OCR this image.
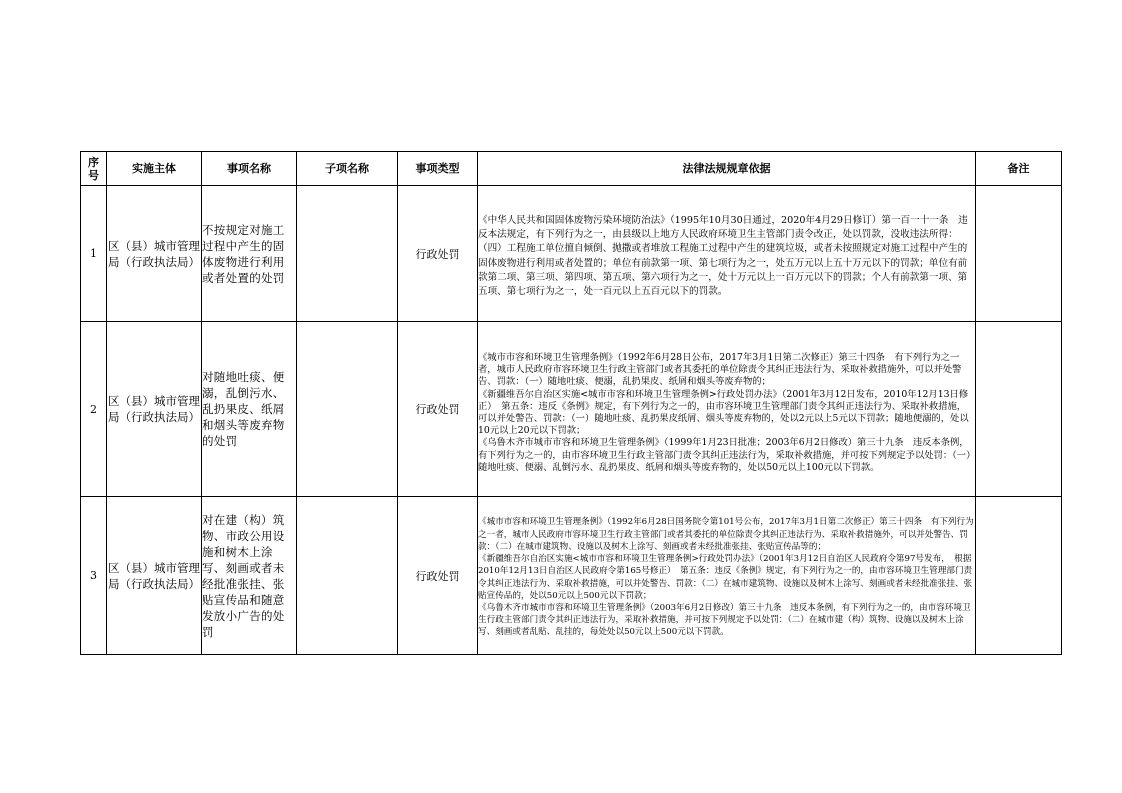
序号	实施主体	事项名称	子项名称	事项类型	法律法规规章依据	备注
1	区（县）城市管理局（行政执法局）	不按规定对施工过程中产生的固体废物进行利用或者处置的处罚		行政处罚	《中华人民共和国固体废物污染环境防治法》（1995年10月30日通过，2020年4月29日修订）第一百一十一条　违反本法规定，有下列行为之一，由县级以上地方人民政府环境卫生主管部门责令改正，处以罚款，没收违法所得：（四）工程施工单位擅自倾倒、抛撒或者堆放工程施工过程中产生的建筑垃圾，或者未按照规定对施工过程中产生的固体废物进行利用或者处置的；单位有前款第一项、第七项行为之一，处五万元以上五十万元以下的罚款；单位有前款第二项、第三项、第四项、第五项、第六项行为之一，处十万元以上一百万元以下的罚款；个人有前款第一项、第五项、第七项行为之一，处一百元以上五百元以下的罚款。	

2	区（县）城市管理局（行政执法局）	对随地吐痰、便溺，乱倒污水、乱扔果皮、纸屑和烟头等废弃物的处罚		行政处罚	《城市市容和环境卫生管理条例》（1992年6月28日公布，2017年3月1日第二次修正）第三十四条　有下列行为之一者，城市人民政府市容环境卫生行政主管部门或者其委托的单位除责令其纠正违法行为、采取补救措施外，可以并处警告、罚款：（一）随地吐痰、便溺，乱扔果皮、纸屑和烟头等废弃物的；

《新疆维吾尔自治区实施<城市市容和环境卫生管理条例>行政处罚办法》（2001年3月12日发布，2010年12月13日修正）　第五条：违反《条例》规定，有下列行为之一的，由市容环境卫生管理部门责令其纠正违法行为、采取补救措施，可以并处警告、罚款：（一）随地吐痰、乱扔果皮纸屑、烟头等废弃物的，处以2元以上5元以下罚款；随地便溺的，处以10元以上20元以下罚款；

《乌鲁木齐市城市市容和环境卫生管理条例》（1999年1月23日批准；2003年6月2日修改）第三十九条　违反本条例，有下列行为之一的，由市容环境卫生行政主管部门责令其纠正违法行为，采取补救措施，并可按下列规定予以处罚：（一）随地吐痰、便溺、乱倒污水、乱扔果皮、纸屑和烟头等废弃物的，处以50元以上100元以下罚款。	

3	区（县）城市管理局（行政执法局）	对在建（构）筑物、市政公用设施和树木上涂写、刻画或者未经批准张挂、张贴宣传品和随意发放小广告的处罚		行政处罚	《城市市容和环境卫生管理条例》（1992年6月28日国务院令第101号公布，2017年3月1日第二次修正）第三十四条　有下列行为之一者，城市人民政府市容环境卫生行政主管部门或者其委托的单位除责令其纠正违法行为、采取补救措施外，可以并处警告、罚款：（二）在城市建筑物、设施以及树木上涂写、刻画或者未经批准张挂、张贴宣传品等的；

《新疆维吾尔自治区实施<城市市容和环境卫生管理条例>行政处罚办法》（2001年3月12日自治区人民政府令第97号发布，　根据2010年12月13日自治区人民政府令第165号修正）　第五条：违反《条例》规定，有下列行为之一的，由市容环境卫生管理部门责令其纠正违法行为、采取补救措施，可以并处警告、罚款：（二）在城市建筑物、设施以及树木上涂写、刻画或者未经批准张挂、张贴宣传品的，处以50元以上500元以下罚款；

《乌鲁木齐市城市市容和环境卫生管理条例》（2003年6月2日修改）第三十九条　违反本条例，有下列行为之一的，由市容环境卫生行政主管部门责令其纠正违法行为，采取补救措施，并可按下列规定予以处罚：（二）在城市建（构）筑物、设施以及树木上涂写、刻画或者乱贴、乱挂的，每处处以50元以上500元以下罚款。	
